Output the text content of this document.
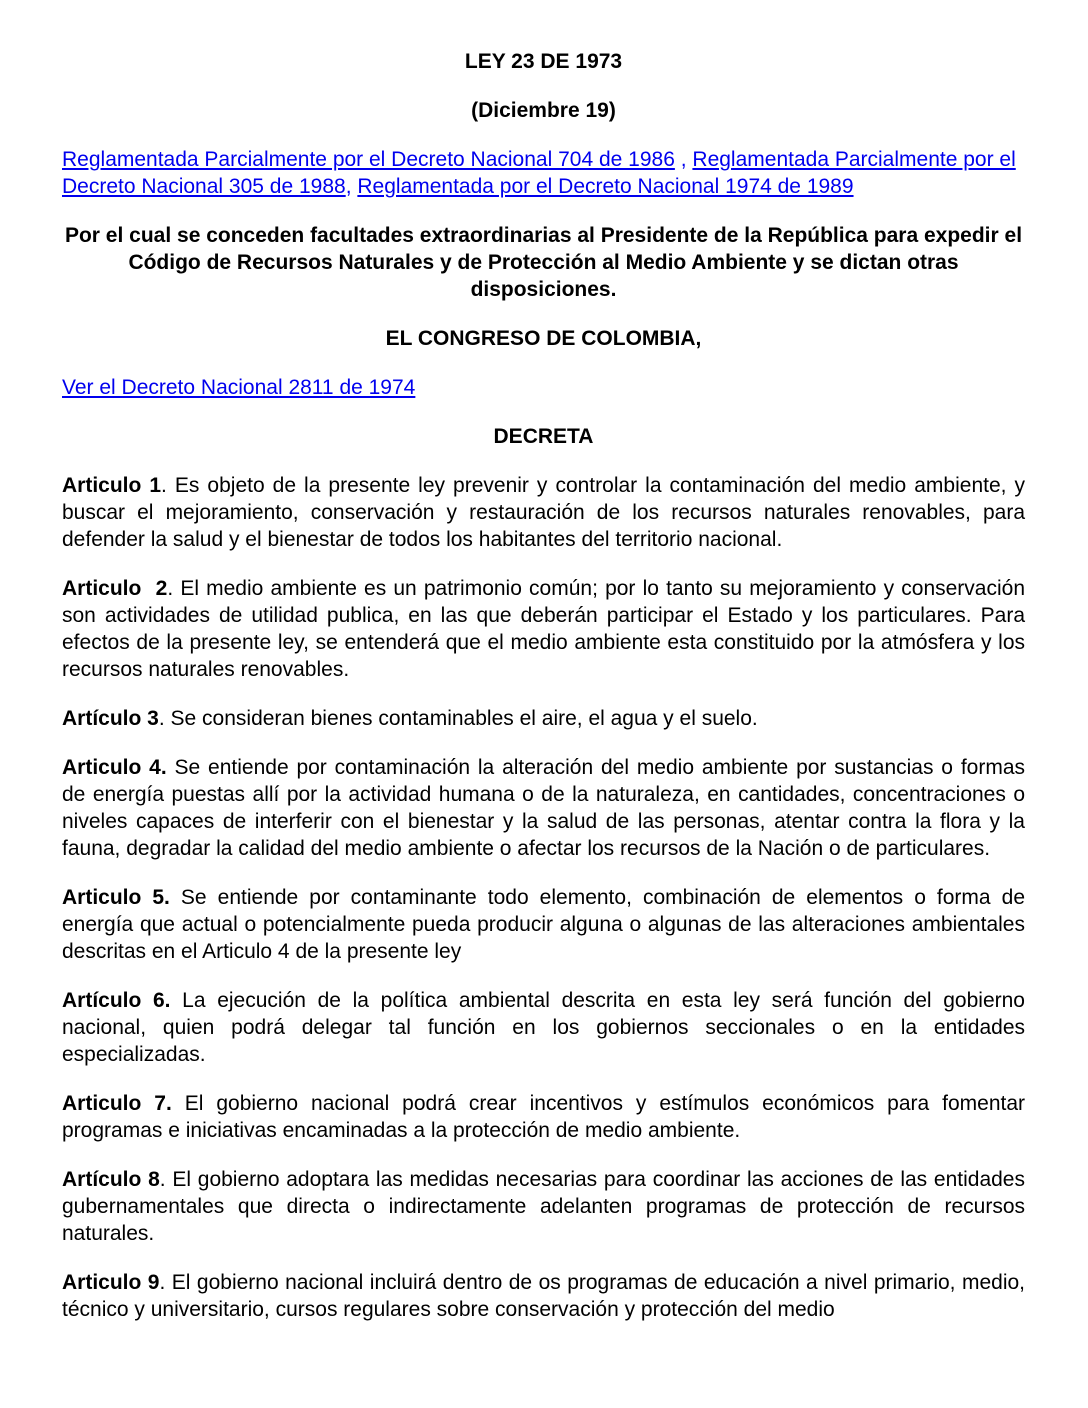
LEY 23 DE 1973

(Diciembre 19)

Reglamentada Parcialmente por el Decreto Nacional 704 de 1986 , Reglamentada Parcialmente por el Decreto Nacional 305 de 1988, Reglamentada por el Decreto Nacional 1974 de 1989

Por el cual se conceden facultades extraordinarias al Presidente de la República para expedir el Código de Recursos Naturales y de Protección al Medio Ambiente y se dictan otras disposiciones.

EL CONGRESO DE COLOMBIA,

Ver el Decreto Nacional 2811 de 1974

DECRETA

Articulo 1. Es objeto de la presente ley prevenir y controlar la contaminación del medio ambiente, y buscar el mejoramiento, conservación y restauración de los recursos naturales renovables, para defender la salud y el bienestar de todos los habitantes del territorio nacional.

Articulo  2. El medio ambiente es un patrimonio común; por lo tanto su mejoramiento y conservación son actividades de utilidad publica, en las que deberán participar el Estado y los particulares. Para efectos de la presente ley, se entenderá que el medio ambiente esta constituido por la atmósfera y los recursos naturales renovables.

Artículo 3. Se consideran bienes contaminables el aire, el agua y el suelo.

Articulo 4. Se entiende por contaminación la alteración del medio ambiente por sustancias o formas de energía puestas allí por la actividad humana o de la naturaleza, en cantidades, concentraciones o niveles capaces de interferir con el bienestar y la salud de las personas, atentar contra la flora y la fauna, degradar la calidad del medio ambiente o afectar los recursos de la Nación o de particulares.

Articulo 5. Se entiende por contaminante todo elemento, combinación de elementos o forma de energía que actual o potencialmente pueda producir alguna o algunas de las alteraciones ambientales descritas en el Articulo 4 de la presente ley

Artículo 6. La ejecución de la política ambiental descrita en esta ley será función del gobierno nacional, quien podrá delegar tal función en los gobiernos seccionales o en la entidades especializadas.

Articulo 7. El gobierno nacional podrá crear incentivos y estímulos económicos para fomentar programas e iniciativas encaminadas a la protección de medio ambiente.

Artículo 8. El gobierno adoptara las medidas necesarias para coordinar las acciones de las entidades gubernamentales que directa o indirectamente adelanten programas de protección de recursos naturales.

Articulo 9. El gobierno nacional incluirá dentro de os programas de educación a nivel primario, medio, técnico y universitario, cursos regulares sobre conservación y protección del medio
